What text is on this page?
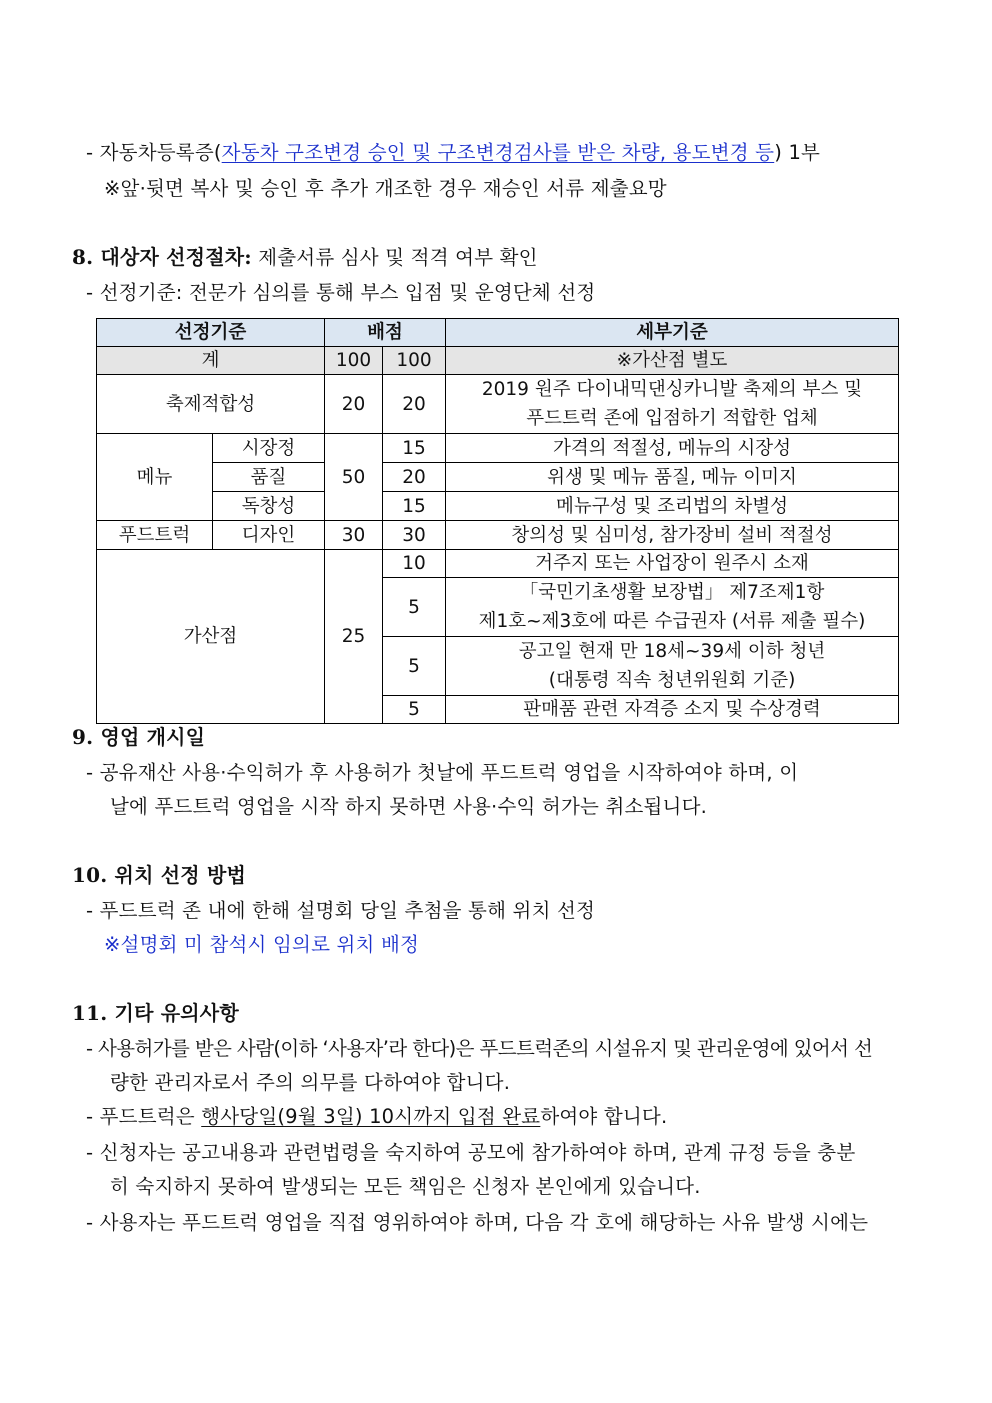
- 자동차등록증(자동차 구조변경 승인 및 구조변경검사를 받은 차량, 용도변경 등) 1부
※앞·뒷면 복사 및 승인 후 추가 개조한 경우 재승인 서류 제출요망
8. 대상자 선정절차: 제출서류 심사 및 적격 여부 확인
- 선정기준: 전문가 심의를 통해 부스 입점 및 운영단체 선정
선정기준		배점		세부기준
계		100	100	※가산점 별도
축제적합성		20	20	2019 원주 다이내믹댄싱카니발 축제의 부스 및
푸드트럭 존에 입점하기 적합한 업체

메뉴	시장정	50	15	가격의 적절성, 메뉴의 시장성
	품질		20	위생 및 메뉴 품질, 메뉴 이미지
	독창성		15	메뉴구성 및 조리법의 차별성
푸드트럭	디자인	30	30	창의성 및 심미성, 참가장비 설비 적절성
가산점		25	10	거주지 또는 사업장이 원주시 소재
			5	「국민기초생활 보장법」 제7조제1항
제1호~제3호에 따른 수급권자 (서류 제출 필수)

			5	공고일 현재 만 18세~39세 이하 청년
(대통령 직속 청년위원회 기준)

			5	판매품 관련 자격증 소지 및 수상경력
9. 영업 개시일
- 공유재산 사용·수익허가 후 사용허가 첫날에 푸드트럭 영업을 시작하여야 하며, 이
날에 푸드트럭 영업을 시작 하지 못하면 사용·수익 허가는 취소됩니다.
10. 위치 선정 방법
- 푸드트럭 존 내에 한해 설명회 당일 추첨을 통해 위치 선정
※설명회 미 참석시 임의로 위치 배정
11. 기타 유의사항
- 사용허가를 받은 사람(이하 ‘사용자’라 한다)은 푸드트럭존의 시설유지 및 관리운영에 있어서 선
량한 관리자로서 주의 의무를 다하여야 합니다.
- 푸드트럭은 행사당일(9월 3일) 10시까지 입점 완료하여야 합니다.
- 신청자는 공고내용과 관련법령을 숙지하여 공모에 참가하여야 하며, 관계 규정 등을 충분
히 숙지하지 못하여 발생되는 모든 책임은 신청자 본인에게 있습니다.
- 사용자는 푸드트럭 영업을 직접 영위하여야 하며, 다음 각 호에 해당하는 사유 발생 시에는
